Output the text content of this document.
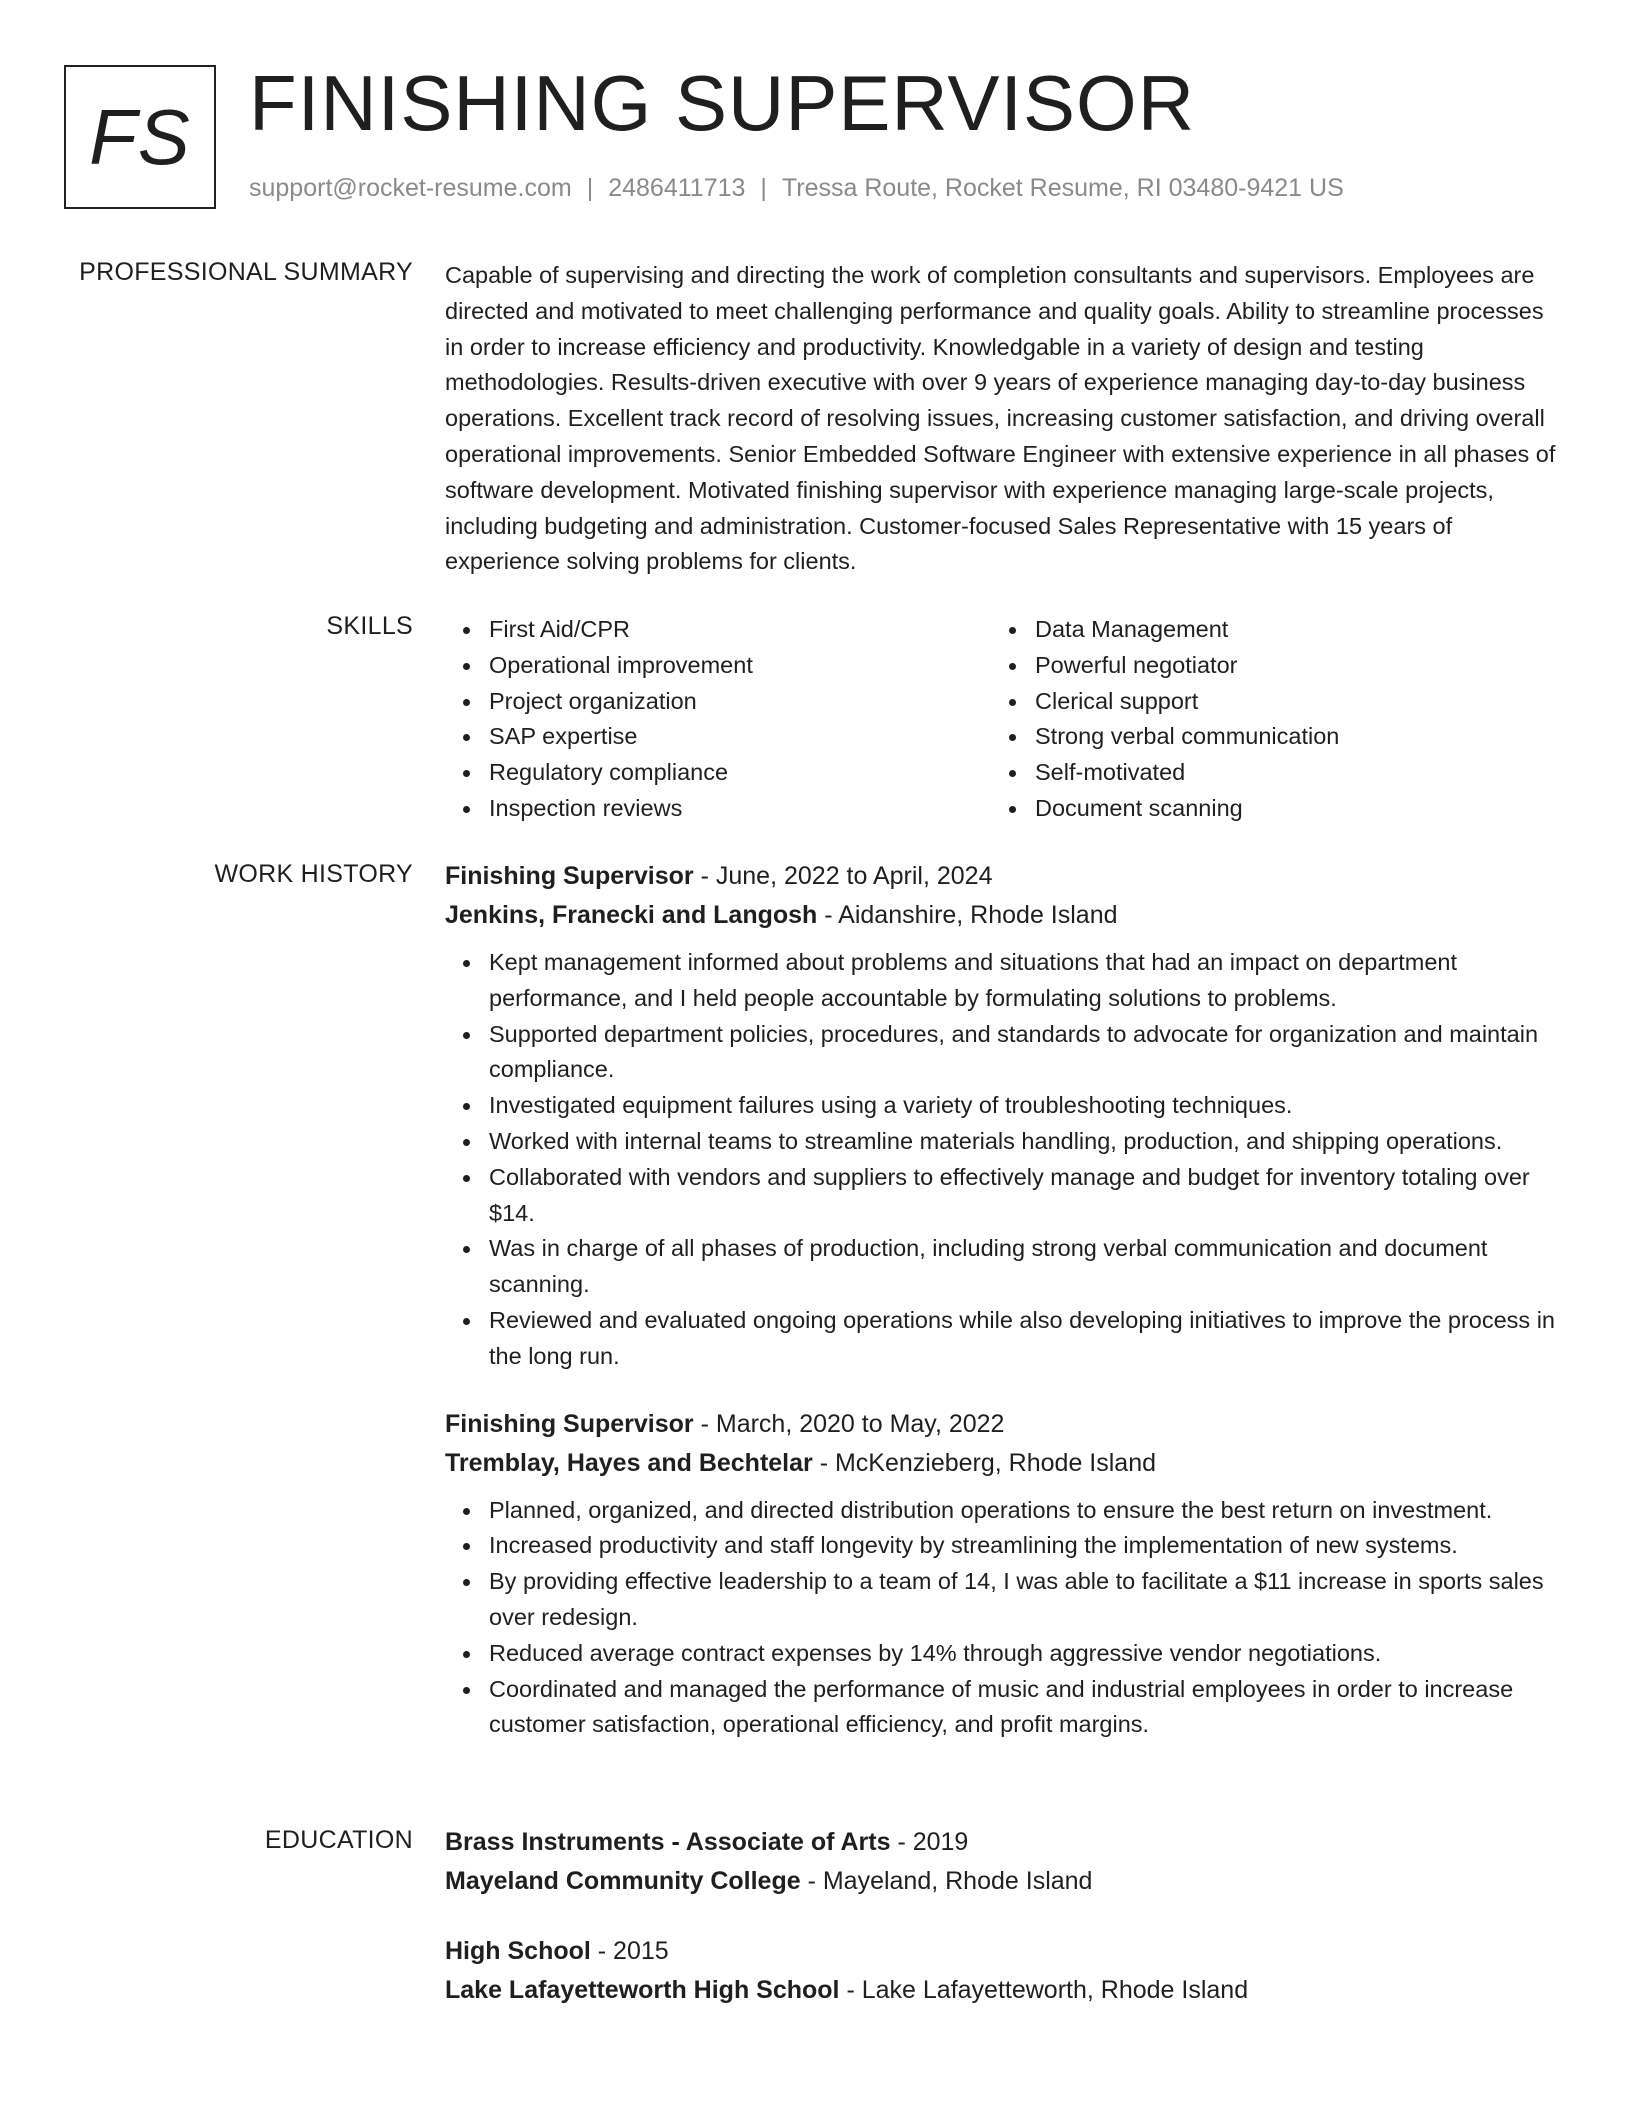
FS FINISHING SUPERVISOR
support@rocket-resume.com | 2486411713 | Tressa Route, Rocket Resume, RI 03480-9421 US
PROFESSIONAL SUMMARY Capable of supervising and directing the work of completion consultants and supervisors. Employees are directed and motivated to meet challenging performance and quality goals. Ability to streamline processes in order to increase efficiency and productivity. Knowledgable in a variety of design and testing methodologies. Results-driven executive with over 9 years of experience managing day-to-day business operations. Excellent track record of resolving issues, increasing customer satisfaction, and driving overall operational improvements. Senior Embedded Software Engineer with extensive experience in all phases of software development. Motivated finishing supervisor with experience managing large-scale projects, including budgeting and administration. Customer-focused Sales Representative with 15 years of experience solving problems for clients.

SKILLS	First Aid/CPR
Operational improvement
Project organization
SAP expertise
Regulatory compliance
Inspection reviews
Data Management
Powerful negotiator
Clerical support
Strong verbal communication
Self-motivated
Document scanning
WORK HISTORY Finishing Supervisor - June, 2022 to April, 2024
Jenkins, Franecki and Langosh - Aidanshire, Rhode Island
Kept management informed about problems and situations that had an impact on department performance, and I held people accountable by formulating solutions to problems.
Supported department policies, procedures, and standards to advocate for organization and maintain compliance.
Investigated equipment failures using a variety of troubleshooting techniques.
Worked with internal teams to streamline materials handling, production, and shipping operations.
Collaborated with vendors and suppliers to effectively manage and budget for inventory totaling over $14.
Was in charge of all phases of production, including strong verbal communication and document scanning.
Reviewed and evaluated ongoing operations while also developing initiatives to improve the process in the long run.
Finishing Supervisor - March, 2020 to May, 2022
Tremblay, Hayes and Bechtelar - McKenzieberg, Rhode Island
Planned, organized, and directed distribution operations to ensure the best return on investment.
Increased productivity and staff longevity by streamlining the implementation of new systems.
By providing effective leadership to a team of 14, I was able to facilitate a $11 increase in sports sales over redesign.
Reduced average contract expenses by 14% through aggressive vendor negotiations.
Coordinated and managed the performance of music and industrial employees in order to increase customer satisfaction, operational efficiency, and profit margins.
EDUCATION Brass Instruments - Associate of Arts - 2019
Mayeland Community College - Mayeland, Rhode Island
High School - 2015
Lake Lafayetteworth High School - Lake Lafayetteworth, Rhode Island
